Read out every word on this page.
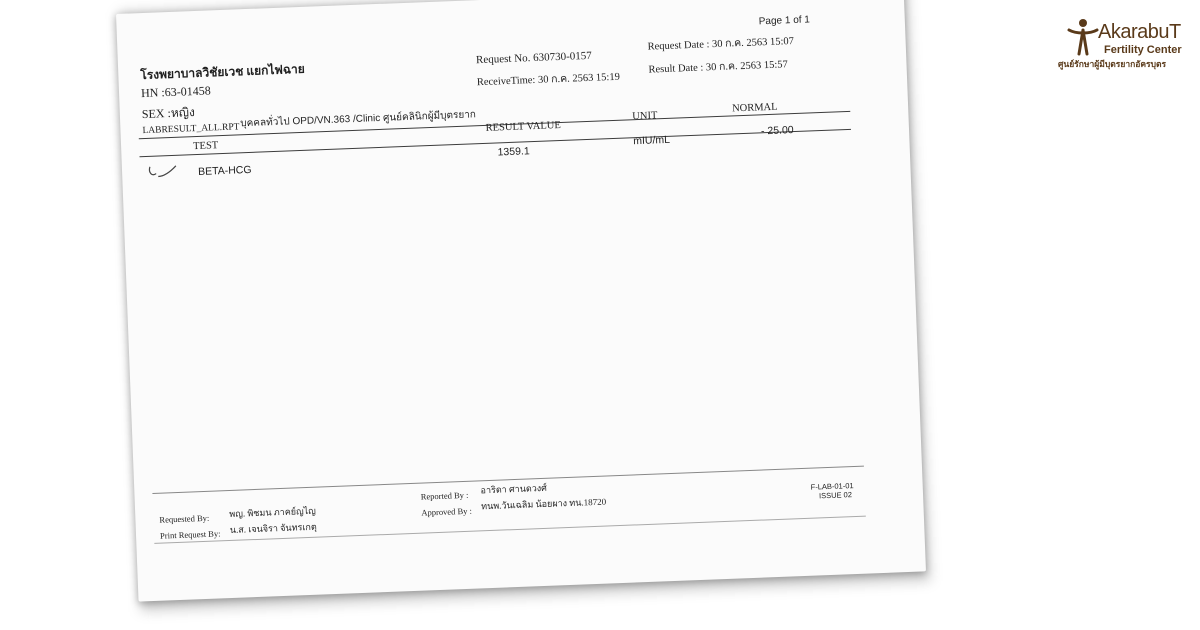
Page 1 of 1
โรงพยาบาลวิชัยเวช แยกไฟฉาย
HN :63-01458
SEX :หญิง
Request No. 630730-0157
ReceiveTime: 30 ก.ค. 2563 15:19
Request Date : 30 ก.ค. 2563 15:07
Result Date : 30 ก.ค. 2563 15:57
LABRESULT_ALL.RPT บุคคลทั่วไป OPD/VN.363 /Clinic ศูนย์คลินิกผู้มีบุตรยาก
TEST
RESULT VALUE
UNIT
NORMAL
BETA-HCG
1359.1
mIU/mL
- 25.00
Requested By: พญ. พิชมน ภาคย์ญไญ
Print Request By: น.ส. เจนจิรา จันทรเกตุ
Reported By :
อาริดา ศานดวงศ์
Approved By :
ทนพ.วันเฉลิม น้อยผาง ทน.18720
F-LAB-01-01
ISSUE 02
AkarabuT
Fertility Center
ศูนย์รักษาผู้มีบุตรยากอัครบุตร
